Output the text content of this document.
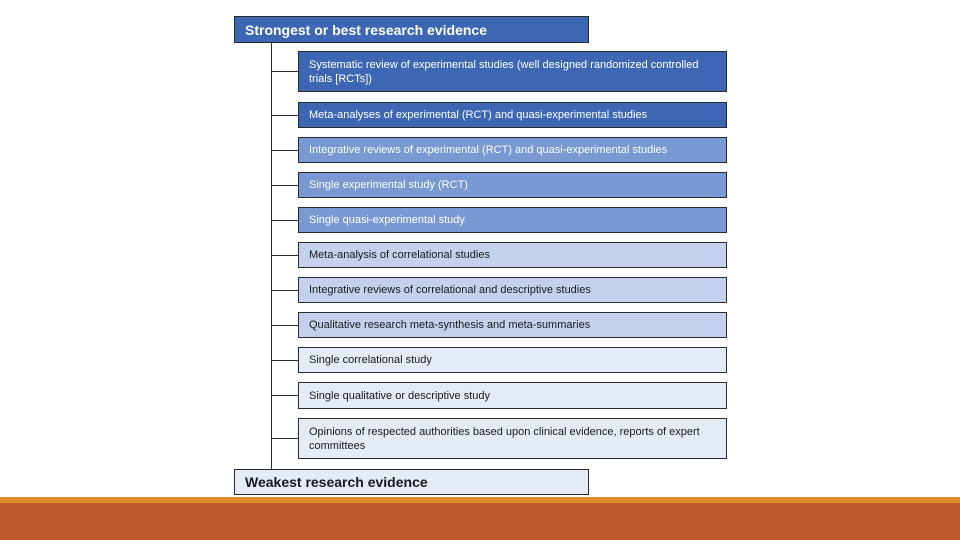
Strongest or best research evidence
Systematic review of experimental studies (well designed randomized controlled trials [RCTs])
Meta-analyses of experimental (RCT) and quasi-experimental studies
Integrative reviews of experimental (RCT) and quasi-experimental studies
Single experimental study (RCT)
Single quasi-experimental study
Meta-analysis of correlational studies
Integrative reviews of correlational and descriptive studies
Qualitative research meta-synthesis and meta-summaries
Single correlational study
Single qualitative or descriptive study
Opinions of respected authorities based upon clinical evidence, reports of expert committees
Weakest research evidence
